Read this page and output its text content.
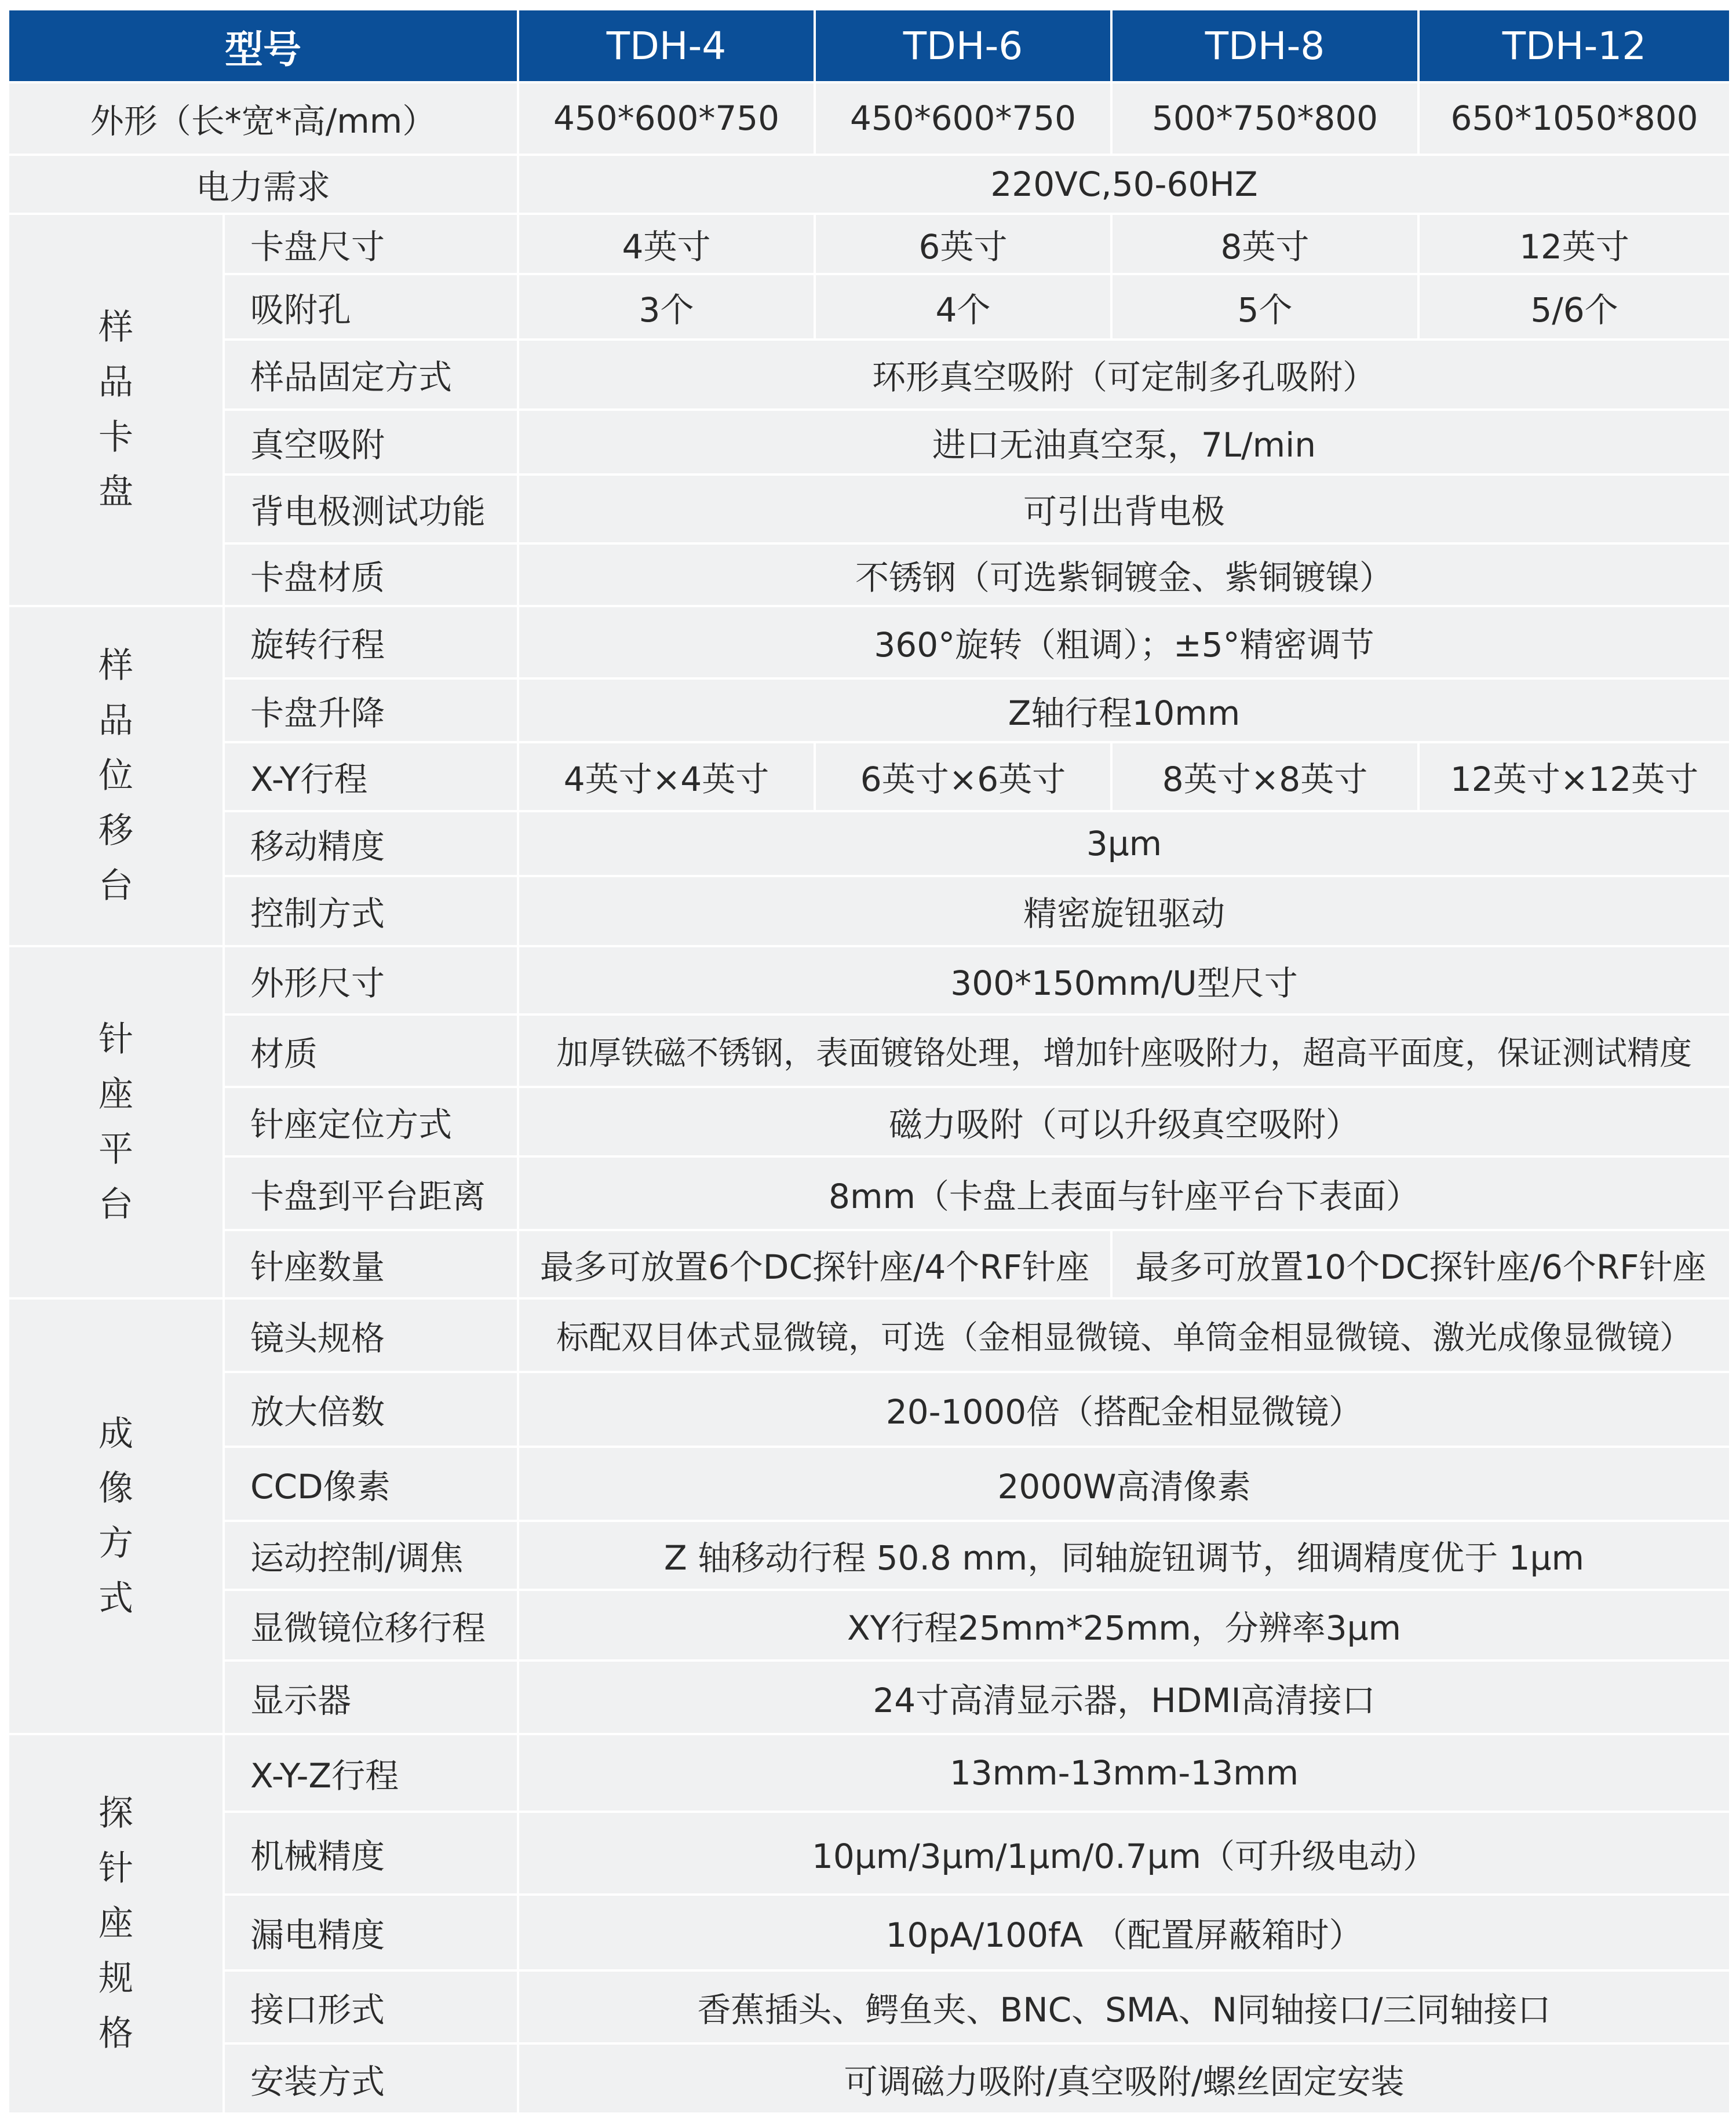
型号		TDH-4	TDH-6	TDH-8	TDH-12
外形（长*宽*高/mm）		450*600*750	450*600*750	500*750*800	650*1050*800
电力需求		220VC,50-60HZ			
样品卡盘	卡盘尺寸	4英寸	6英寸	8英寸	12英寸
	吸附孔	3个	4个	5个	5/6个
	样品固定方式	环形真空吸附（可定制多孔吸附）			
	真空吸附	进口无油真空泵，7L/min			
	背电极测试功能	可引出背电极			
	卡盘材质	不锈钢（可选紫铜镀金、紫铜镀镍）			
样品位移台	旋转行程	360°旋转（粗调）；±5°精密调节			
	卡盘升降	Z轴行程10mm			
	X-Y行程	4英寸×4英寸	6英寸×6英寸	8英寸×8英寸	12英寸×12英寸
	移动精度	3μm			
	控制方式	精密旋钮驱动			
针座平台	外形尺寸	300*150mm/U型尺寸			
	材质	加厚铁磁不锈钢，表面镀铬处理，增加针座吸附力，超高平面度，保证测试精度			
	针座定位方式	磁力吸附（可以升级真空吸附）			
	卡盘到平台距离	8mm（卡盘上表面与针座平台下表面）			
	针座数量	最多可放置6个DC探针座/4个RF针座		最多可放置10个DC探针座/6个RF针座	
成像方式	镜头规格	标配双目体式显微镜，可选（金相显微镜、单筒金相显微镜、激光成像显微镜）			
	放大倍数	20-1000倍（搭配金相显微镜）			
	CCD像素	2000W高清像素			
	运动控制/调焦	Z 轴移动行程 50.8 mm，同轴旋钮调节，细调精度优于 1μm			
	显微镜位移行程	XY行程25mm*25mm，分辨率3μm			
	显示器	24寸高清显示器，HDMI高清接口			
探针座规格	X-Y-Z行程	13mm-13mm-13mm			
	机械精度	10μm/3μm/1μm/0.7μm（可升级电动）			
	漏电精度	10pA/100fA （配置屏蔽箱时）			
	接口形式	香蕉插头、鳄鱼夹、BNC、SMA、N同轴接口/三同轴接口			
	安装方式	可调磁力吸附/真空吸附/螺丝固定安装			
